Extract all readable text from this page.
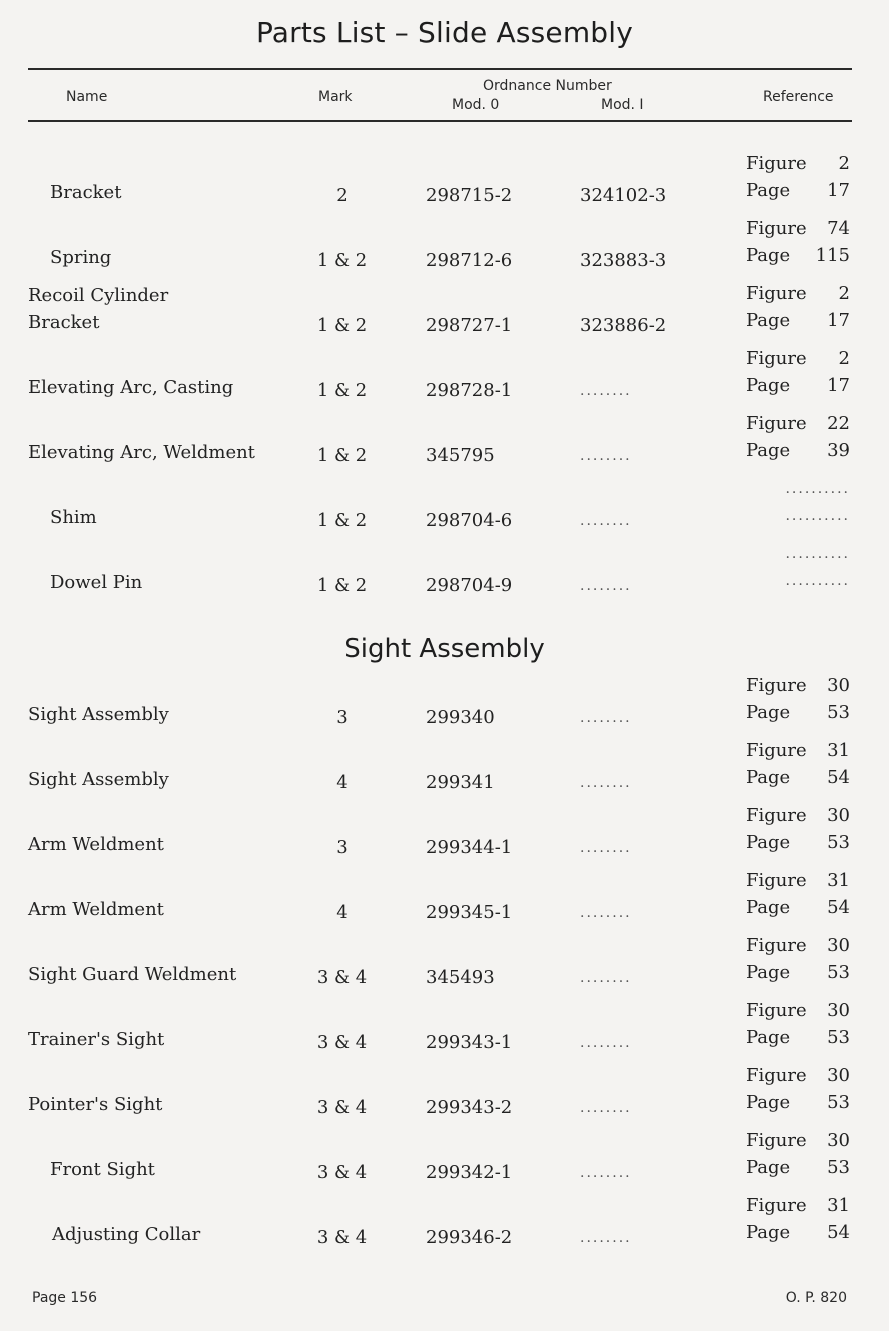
Parts List – Slide Assembly
Name	Mark
Ordnance Number
Mod. 0	Mod. I	Reference
Bracket	2	298715-2	324102-3
Figure 2
Page 17
Spring	1 & 2	298712-6	323883-3
Figure 74
Page 115
Recoil Cylinder
Bracket	1 & 2	298727-1	323886-2
Figure 2
Page 17
Elevating Arc, Casting	1 & 2	298728-1	........
Figure 2
Page 17
Elevating Arc, Weldment	1 & 2	345795	........
Figure 22
Page 39
Shim	1 & 2	298704-6	........
..........
..........
Dowel Pin	1 & 2	298704-9	........
..........
..........
Sight Assembly
Sight Assembly	3	299340	........
Figure 30
Page 53
Sight Assembly	4	299341	........
Figure 31
Page 54
Arm Weldment	3	299344-1	........
Figure 30
Page 53
Arm Weldment	4	299345-1	........
Figure 31
Page 54
Sight Guard Weldment	3 & 4	345493	........
Figure 30
Page 53
Trainer's Sight	3 & 4	299343-1	........
Figure 30
Page 53
Pointer's Sight	3 & 4	299343-2	........
Figure 30
Page 53
Front Sight	3 & 4	299342-1	........
Figure 30
Page 53
Adjusting Collar	3 & 4	299346-2	........
Figure 31
Page 54
Page 156	O. P. 820
